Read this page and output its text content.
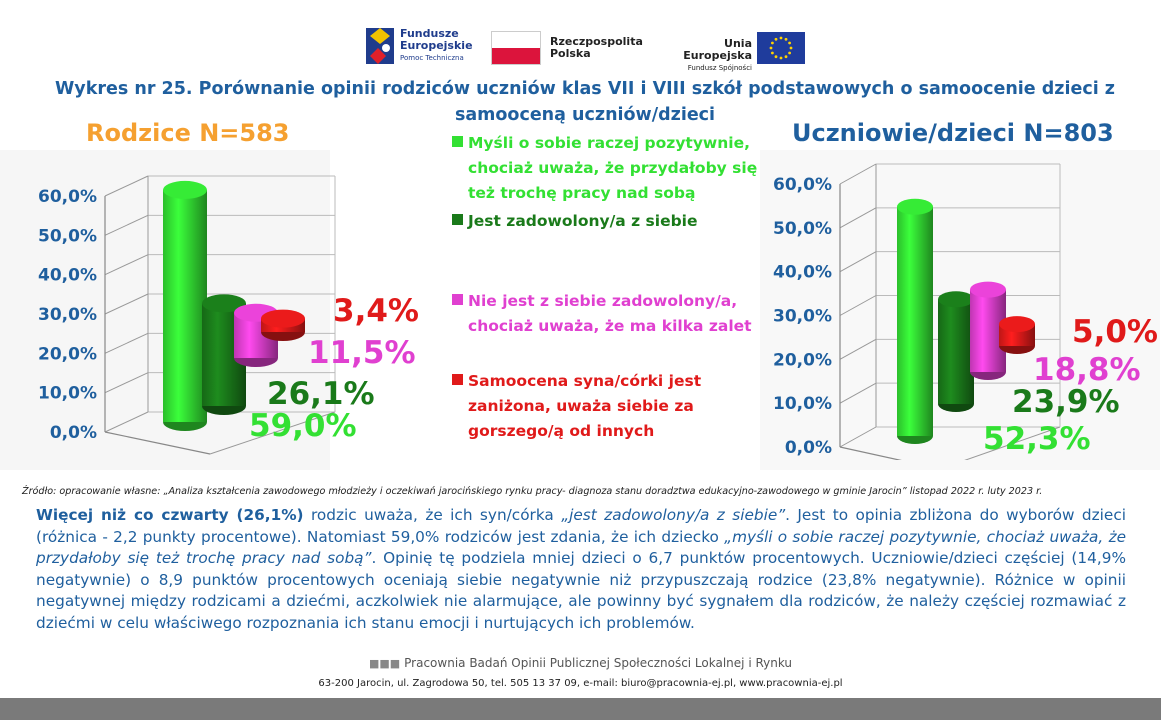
Fundusze
Europejskie
Pomoc Techniczna
Rzeczpospolita
Polska
Unia Europejska
Fundusz Spójności
Wykres nr 25. Porównanie opinii rodziców uczniów klas VII i VIII szkół podstawowych o samoocenie dzieci z
samooceną uczniów/dzieci
Rodzice N=583	Uczniowie/dzieci N=803
0,0%
10,0%
20,0%
30,0%
40,0%
50,0%
60,0%
0,0%
10,0%
20,0%
30,0%
40,0%
50,0%
60,0%
Myśli o sobie raczej pozytywnie,
chociaż uważa, że przydałoby się
też trochę pracy nad sobą
Jest zadowolony/a z siebie
Nie jest z siebie zadowolony/a,
chociaż uważa, że ma kilka zalet
Samoocena syna/córki jest
zaniżona, uważa siebie za
gorszego/ą od innych
3,4%
11,5%
26,1%
59,0%
5,0%
18,8%
23,9%
52,3%
Źródło: opracowanie własne: „Analiza kształcenia zawodowego młodzieży i oczekiwań jarocińskiego rynku pracy- diagnoza stanu doradztwa edukacyjno-zawodowego w gminie Jarocin” listopad 2022 r. luty 2023 r.
Więcej niż co czwarty (26,1%) rodzic uważa, że ich syn/córka „jest zadowolony/a z siebie”. Jest to opinia zbliżona do wyborów dzieci (różnica - 2,2 punkty procentowe). Natomiast 59,0% rodziców jest zdania, że ich dziecko „myśli o sobie raczej pozytywnie, chociaż uważa, że przydałoby się też trochę pracy nad sobą”. Opinię tę podziela mniej dzieci o 6,7 punktów procentowych. Uczniowie/dzieci częściej (14,9% negatywnie) o 8,9 punktów procentowych oceniają siebie negatywnie niż przypuszczają rodzice (23,8% negatywnie). Różnice w opinii negatywnej między rodzicami a dziećmi, aczkolwiek nie alarmujące, ale powinny być sygnałem dla rodziców, że należy częściej rozmawiać z dziećmi w celu właściwego rozpoznania ich stanu emocji i nurtujących ich problemów.
■■■ Pracownia Badań Opinii Publicznej Społeczności Lokalnej i Rynku
63-200 Jarocin, ul. Zagrodowa 50, tel. 505 13 37 09, e-mail: biuro@pracownia-ej.pl, www.pracownia-ej.pl
